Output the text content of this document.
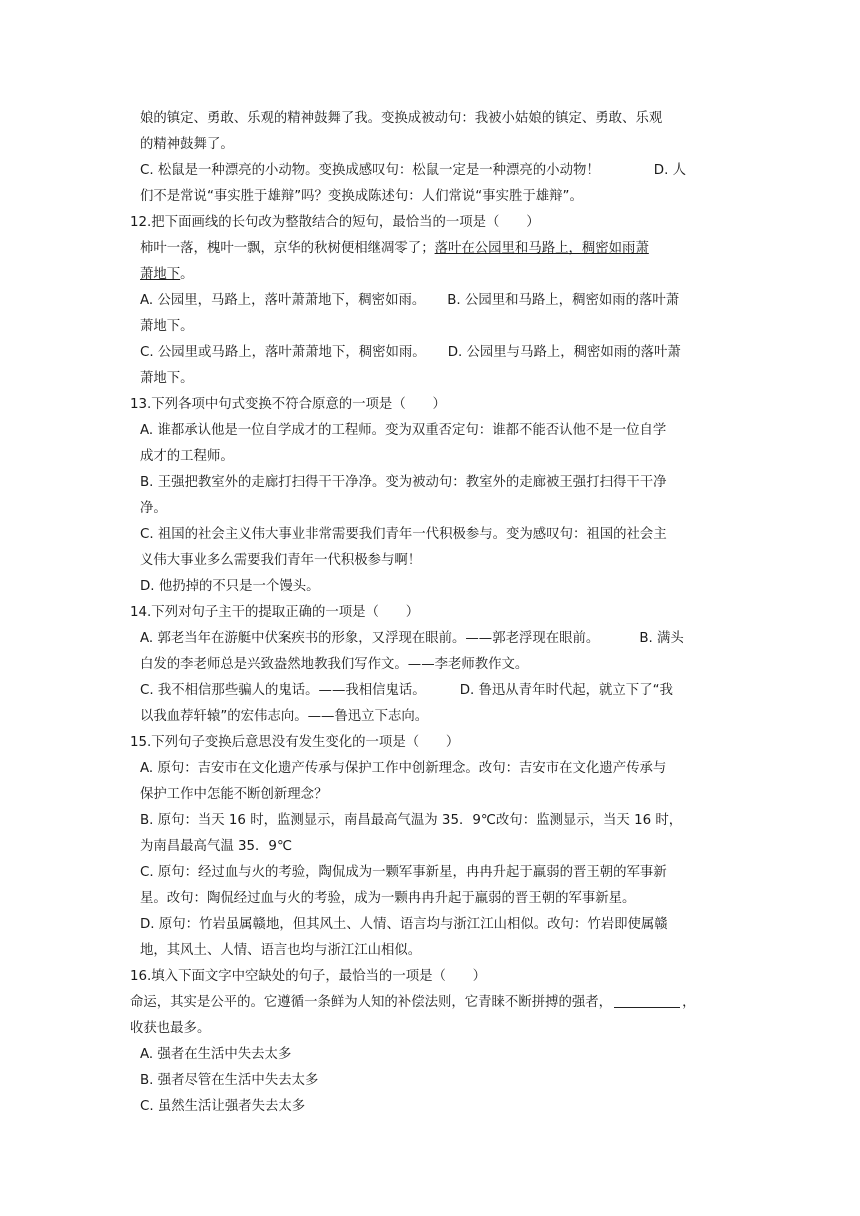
娘的镇定、勇敢、乐观的精神鼓舞了我。变换成被动句：我被小姑娘的镇定、勇敢、乐观
的精神鼓舞了。
C. 松鼠是一种漂亮的小动物。变换成感叹句：松鼠一定是一种漂亮的小动物！	D. 人
们不是常说“事实胜于雄辩”吗？变换成陈述句：人们常说“事实胜于雄辩”。
12.把下面画线的长句改为整散结合的短句，最恰当的一项是（　　）
柿叶一落，槐叶一飘，京华的秋树便相继凋零了；落叶在公园里和马路上，稠密如雨萧
萧地下。
A. 公园里，马路上，落叶萧萧地下，稠密如雨。 B. 公园里和马路上，稠密如雨的落叶萧
萧地下。
C. 公园里或马路上，落叶萧萧地下，稠密如雨。 D. 公园里与马路上，稠密如雨的落叶萧
萧地下。
13.下列各项中句式变换不符合原意的一项是（　　）
A. 谁都承认他是一位自学成才的工程师。变为双重否定句：谁都不能否认他不是一位自学
成才的工程师。
B. 王强把教室外的走廊打扫得干干净净。变为被动句：教室外的走廊被王强打扫得干干净
净。
C. 祖国的社会主义伟大事业非常需要我们青年一代积极参与。变为感叹句：祖国的社会主
义伟大事业多么需要我们青年一代积极参与啊！
D. 他扔掉的不只是一个馒头。
14.下列对句子主干的提取正确的一项是（　　）
A. 郭老当年在游艇中伏案疾书的形象，又浮现在眼前。——郭老浮现在眼前。	B. 满头
白发的李老师总是兴致盎然地教我们写作文。——李老师教作文。
C. 我不相信那些骗人的鬼话。——我相信鬼话。	D. 鲁迅从青年时代起，就立下了“我
以我血荐轩辕”的宏伟志向。——鲁迅立下志向。
15.下列句子变换后意思没有发生变化的一项是（　　）
A. 原句：吉安市在文化遗产传承与保护工作中创新理念。改句：吉安市在文化遗产传承与
保护工作中怎能不断创新理念？
B. 原句：当天 16 时，监测显示，南昌最高气温为 35．9℃改句：监测显示，当天 16 时，
为南昌最高气温 35．9℃
C. 原句：经过血与火的考验，陶侃成为一颗军事新星，冉冉升起于羸弱的晋王朝的军事新
星。改句：陶侃经过血与火的考验，成为一颗冉冉升起于羸弱的晋王朝的军事新星。
D. 原句：竹岩虽属赣地，但其风土、人情、语言均与浙江江山相似。改句：竹岩即使属赣
地，其风土、人情、语言也均与浙江江山相似。
16.填入下面文字中空缺处的句子，最恰当的一项是（　　）
命运，其实是公平的。它遵循一条鲜为人知的补偿法则，它青睐不断拼搏的强者，	，
收获也最多。
A. 强者在生活中失去太多
B. 强者尽管在生活中失去太多
C. 虽然生活让强者失去太多
